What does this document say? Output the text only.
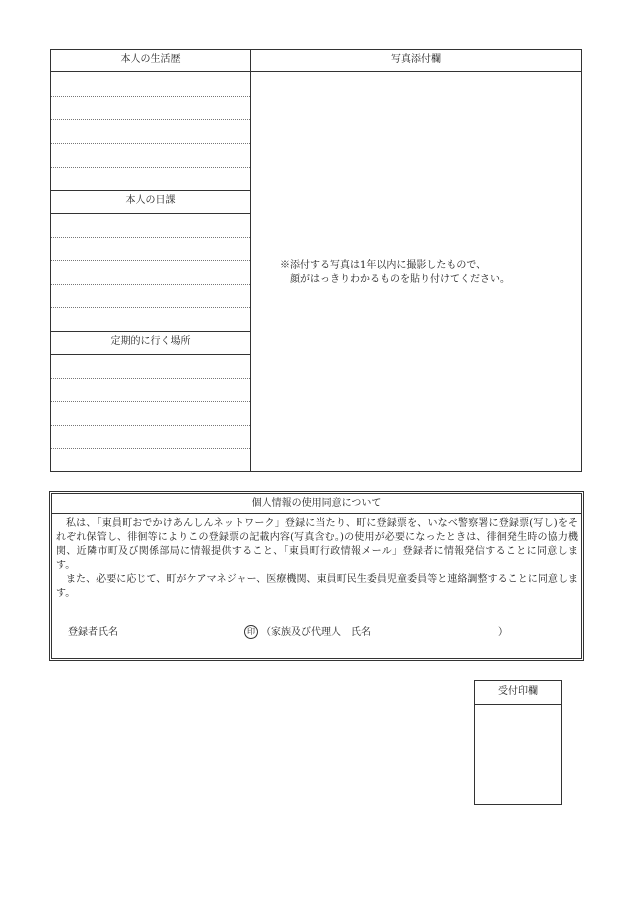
本人の生活歴	写真添付欄
本人の日課
定期的に行く場所
※添付する写真は1年以内に撮影したもので、
顔がはっきりわかるものを貼り付けてください。
個人情報の使用同意について

私は、「東員町おでかけあんしんネットワーク」登録に当たり、町に登録票を、いなべ警察署に登録票(写し)をそれぞれ保管し、徘徊等によりこの登録票の記載内容(写真含む。)の使用が必要になったときは、徘徊発生時の協力機関、近隣市町及び関係部局に情報提供すること、「東員町行政情報メール」登録者に情報発信することに同意します。

また、必要に応じて、町がケアマネジャー、医療機関、東員町民生委員児童委員等と連絡調整することに同意します。

登録者氏名	印 （家族及び代理人　氏名	）
受付印欄
